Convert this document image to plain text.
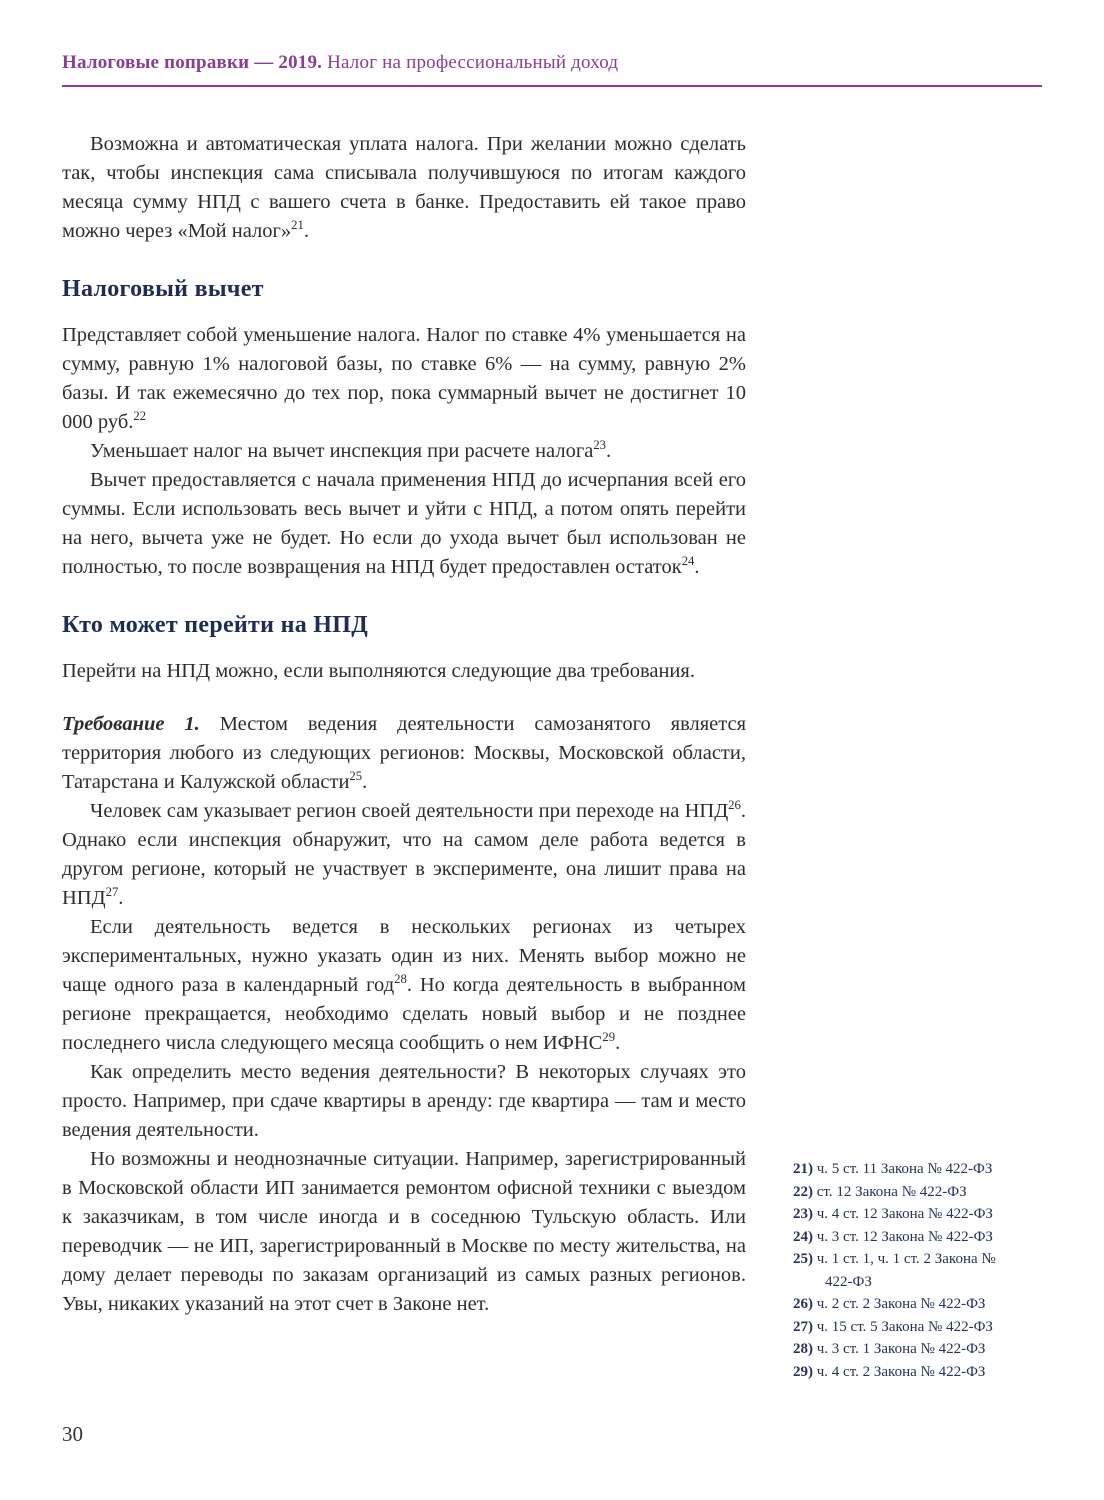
Налоговые поправки — 2019. Налог на профессиональный доход

Возможна и автоматическая уплата налога. При желании можно сделать так, чтобы инспекция сама списывала получившуюся по итогам каждого месяца сумму НПД с вашего счета в банке. Предоставить ей такое право можно через «Мой налог»$^{21}$.

Налоговый вычет

Представляет собой уменьшение налога. Налог по ставке 4% уменьшается на сумму, равную 1% налоговой базы, по ставке 6% — на сумму, равную 2% базы. И так ежемесячно до тех пор, пока суммарный вычет не достигнет 10 000 руб.$^{22}$

Уменьшает налог на вычет инспекция при расчете налога$^{23}$.

Вычет предоставляется с начала применения НПД до исчерпания всей его суммы. Если использовать весь вычет и уйти с НПД, а потом опять перейти на него, вычета уже не будет. Но если до ухода вычет был использован не полностью, то после возвращения на НПД будет предоставлен остаток$^{24}$.

Кто может перейти на НПД

Перейти на НПД можно, если выполняются следующие два требования.

Требование 1. Местом ведения деятельности самозанятого является территория любого из следующих регионов: Москвы, Московской области, Татарстана и Калужской области$^{25}$.

Человек сам указывает регион своей деятельности при переходе на НПД$^{26}$. Однако если инспекция обнаружит, что на самом деле работа ведется в другом регионе, который не участвует в эксперименте, она лишит права на НПД$^{27}$.

Если деятельность ведется в нескольких регионах из четырех экспериментальных, нужно указать один из них. Менять выбор можно не чаще одного раза в календарный год$^{28}$. Но когда деятельность в выбранном регионе прекращается, необходимо сделать новый выбор и не позднее последнего числа следующего месяца сообщить о нем ИФНС$^{29}$.

Как определить место ведения деятельности? В некоторых случаях это просто. Например, при сдаче квартиры в аренду: где квартира — там и место ведения деятельности.

Но возможны и неоднозначные ситуации. Например, зарегистрированный в Московской области ИП занимается ремонтом офисной техники с выездом к заказчикам, в том числе иногда и в соседнюю Тульскую область. Или переводчик — не ИП, зарегистрированный в Москве по месту жительства, на дому делает переводы по заказам организаций из самых разных регионов. Увы, никаких указаний на этот счет в Законе нет.

21) ч. 5 ст. 11 Закона № 422-ФЗ
22) ст. 12 Закона № 422-ФЗ
23) ч. 4 ст. 12 Закона № 422-ФЗ
24) ч. 3 ст. 12 Закона № 422-ФЗ
25) ч. 1 ст. 1, ч. 1 ст. 2 Закона № 422-ФЗ
26) ч. 2 ст. 2 Закона № 422-ФЗ
27) ч. 15 ст. 5 Закона № 422-ФЗ
28) ч. 3 ст. 1 Закона № 422-ФЗ
29) ч. 4 ст. 2 Закона № 422-ФЗ
30
